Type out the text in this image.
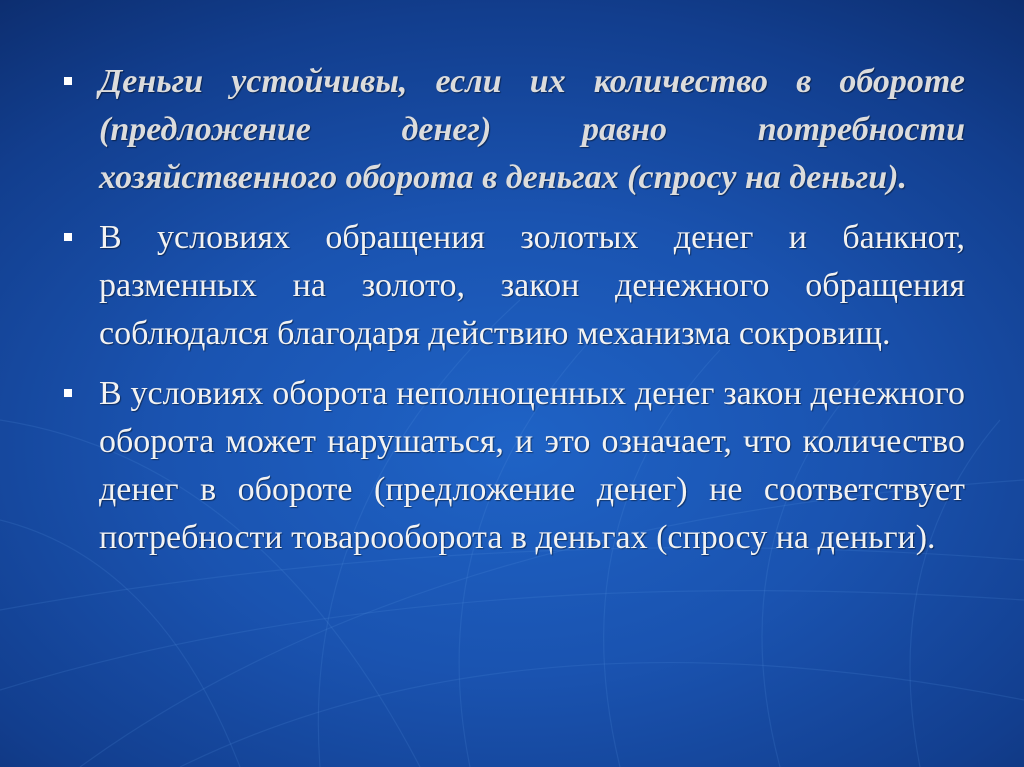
Деньги устойчивы, если их количество в обороте (предложение денег) равно потребности хозяйственного оборота в деньгах (спросу на деньги).
В условиях обращения золотых денег и банкнот, разменных на золото, закон денежного обращения соблюдался благодаря действию механизма сокровищ.
В условиях оборота неполноценных денег закон денежного оборота может нарушаться, и это означает, что количество денег в обороте (предложение денег) не соответствует потребности товарооборота в деньгах (спросу на деньги).
